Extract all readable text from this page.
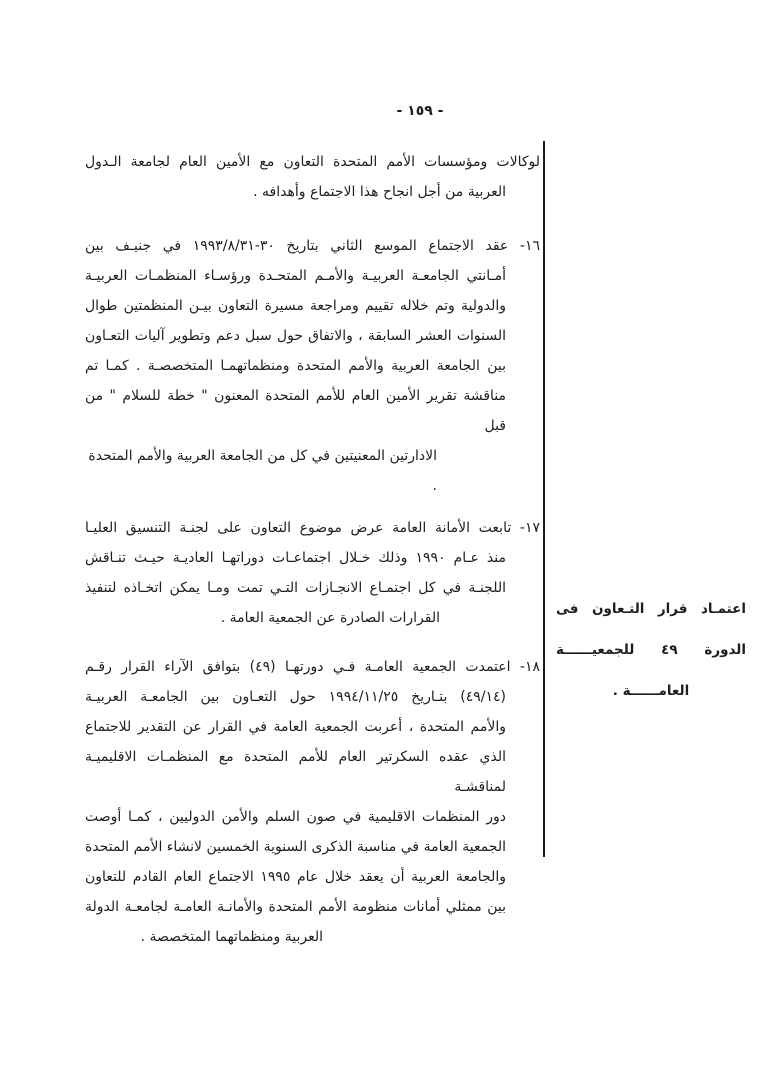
- ١٥٩ -
لوكالات ومؤسسات الأمم المتحدة التعاون مع الأمين العام لجامعة الـدول
العربية من أجل انجاح هذا الاجتماع وأهدافه .
١٦- عقد الاجتماع الموسع الثاني بتاريخ ٣٠-٣١‏/‏٨‏/‏١٩٩٣ في جنيـف بين
أمـانتي الجامعـة العربيـة والأمـم المتحـدة ورؤسـاء المنظمـات العربيـة
والدولية وتم خلاله تقييم ومراجعة مسيرة التعاون بيـن المنظمتين طوال
السنوات العشر السابقة ، والاتفاق حول سبل دعم وتطوير آليات التعـاون
بين الجامعة العربية والأمم المتحدة ومنظماتهمـا المتخصصـة . كمـا تم
مناقشة تقرير الأمين العام للأمم المتحدة المعنون " خطة للسلام " من قبل
الادارتين المعنيتين في كل من الجامعة العربية والأمم المتحدة .
١٧- تابعت الأمانة العامة عرض موضوع التعاون على لجنـة التنسيق العليـا
منذ عـام ١٩٩٠ وذلك خـلال اجتماعـات دوراتهـا العاديـة حيـث تنـاقش
اللجنـة في كل اجتمـاع الانجـازات التـي تمت ومـا يمكن اتخـاذه لتنفيذ
القرارات الصادرة عن الجمعية العامة .
١٨- اعتمدت الجمعية العامـة فـي دورتهـا (٤٩) بتوافق الآراء القرار رقـم
(٤٩/١٤) بتـاريخ ٢٥‏/‏١١‏/‏١٩٩٤ حول التعـاون بين الجامعـة العربيـة
والأمم المتحدة ، أعربت الجمعية العامة في القرار عن التقدير للاجتماع
الذي عقده السكرتير العام للأمم المتحدة مع المنظمـات الاقليميـة لمناقشـة
دور المنظمات الاقليمية في صون السلم والأمن الدوليين ، كمـا أوصت
الجمعية العامة في مناسبة الذكرى السنوية الخمسين لانشاء الأمم المتحدة
والجامعة العربية أن يعقد خلال عام ١٩٩٥ الاجتماع العام القادم للتعاون
بين ممثلي أمانات منظومة الأمم المتحدة والأمانـة العامـة لجامعـة الدولة
العربية ومنظماتهما المتخصصة .
اعتمـاد قرار التـعاون فى
الدورة ٤٩ للجمعيــــــة
العامــــــة .
